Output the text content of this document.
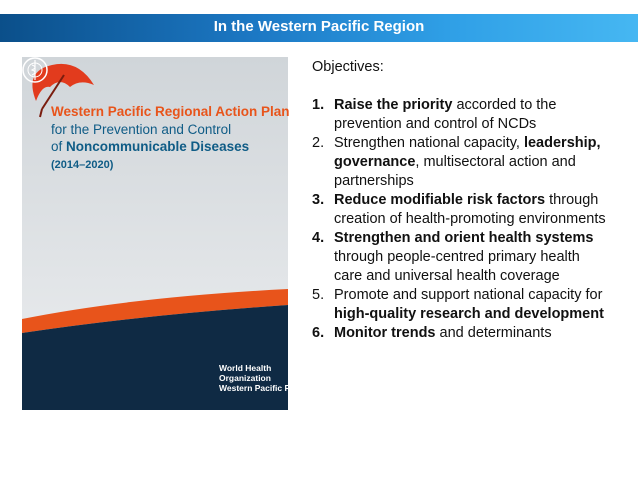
In the Western Pacific Region
Western Pacific Regional Action Plan
for the Prevention and Control
of Noncommunicable Diseases
(2014–2020)
World Health
Organization
Western Pacific Region
Objectives:
1. Raise the priority accorded to the prevention and control of NCDs
2. Strengthen national capacity, leadership, governance, multisectoral action and partnerships
3. Reduce modifiable risk factors through creation of health-promoting environments
4. Strengthen and orient health systems through people-centred primary health care and universal health coverage
5. Promote and support national capacity for high-quality research and development
6. Monitor trends and determinants
